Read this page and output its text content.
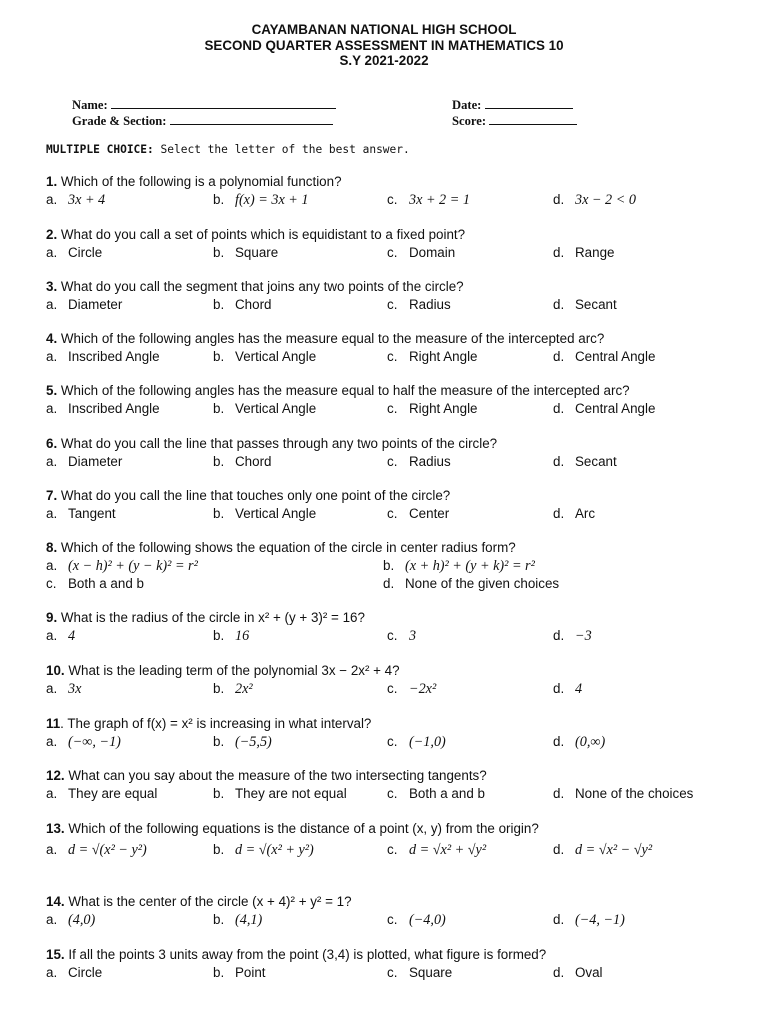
CAYAMBANAN NATIONAL HIGH SCHOOL
SECOND QUARTER ASSESSMENT IN MATHEMATICS 10
S.Y 2021-2022
Name:
Grade & Section:
Date:
Score:
MULTIPLE CHOICE: Select the letter of the best answer.
1. Which of the following is a polynomial function?
a. 3x + 4	b. f(x) = 3x + 1	c. 3x + 2 = 1	d. 3x − 2 < 0
2. What do you call a set of points which is equidistant to a fixed point?
a. Circle	b. Square	c. Domain	d. Range
3. What do you call the segment that joins any two points of the circle?
a. Diameter	b. Chord	c. Radius	d. Secant
4. Which of the following angles has the measure equal to the measure of the intercepted arc?
a. Inscribed Angle	b. Vertical Angle	c. Right Angle	d. Central Angle
5. Which of the following angles has the measure equal to half the measure of the intercepted arc?
a. Inscribed Angle	b. Vertical Angle	c. Right Angle	d. Central Angle
6. What do you call the line that passes through any two points of the circle?
a. Diameter	b. Chord	c. Radius	d. Secant
7. What do you call the line that touches only one point of the circle?
a. Tangent	b. Vertical Angle	c. Center	d. Arc
8. Which of the following shows the equation of the circle in center radius form?
a. (x − h)² + (y − k)² = r²	b. (x + h)² + (y + k)² = r²
c. Both a and b	d. None of the given choices
9. What is the radius of the circle in x² + (y + 3)² = 16?
a. 4	b. 16	c. 3	d. −3
10. What is the leading term of the polynomial 3x − 2x² + 4?
a. 3x	b. 2x²	c. −2x²	d. 4
11. The graph of f(x) = x² is increasing in what interval?
a. (−∞, −1)	b. (−5,5)	c. (−1,0)	d. (0,∞)
12. What can you say about the measure of the two intersecting tangents?
a. They are equal	b. They are not equal	c. Both a and b	d. None of the choices
13. Which of the following equations is the distance of a point (x, y) from the origin?
a. d = √(x² − y²)	b. d = √(x² + y²)	c. d = √x² + √y²	d. d = √x² − √y²
14. What is the center of the circle (x + 4)² + y² = 1?
a. (4,0)	b. (4,1)	c. (−4,0)	d. (−4, −1)
15. If all the points 3 units away from the point (3,4) is plotted, what figure is formed?
a. Circle	b. Point	c. Square	d. Oval
